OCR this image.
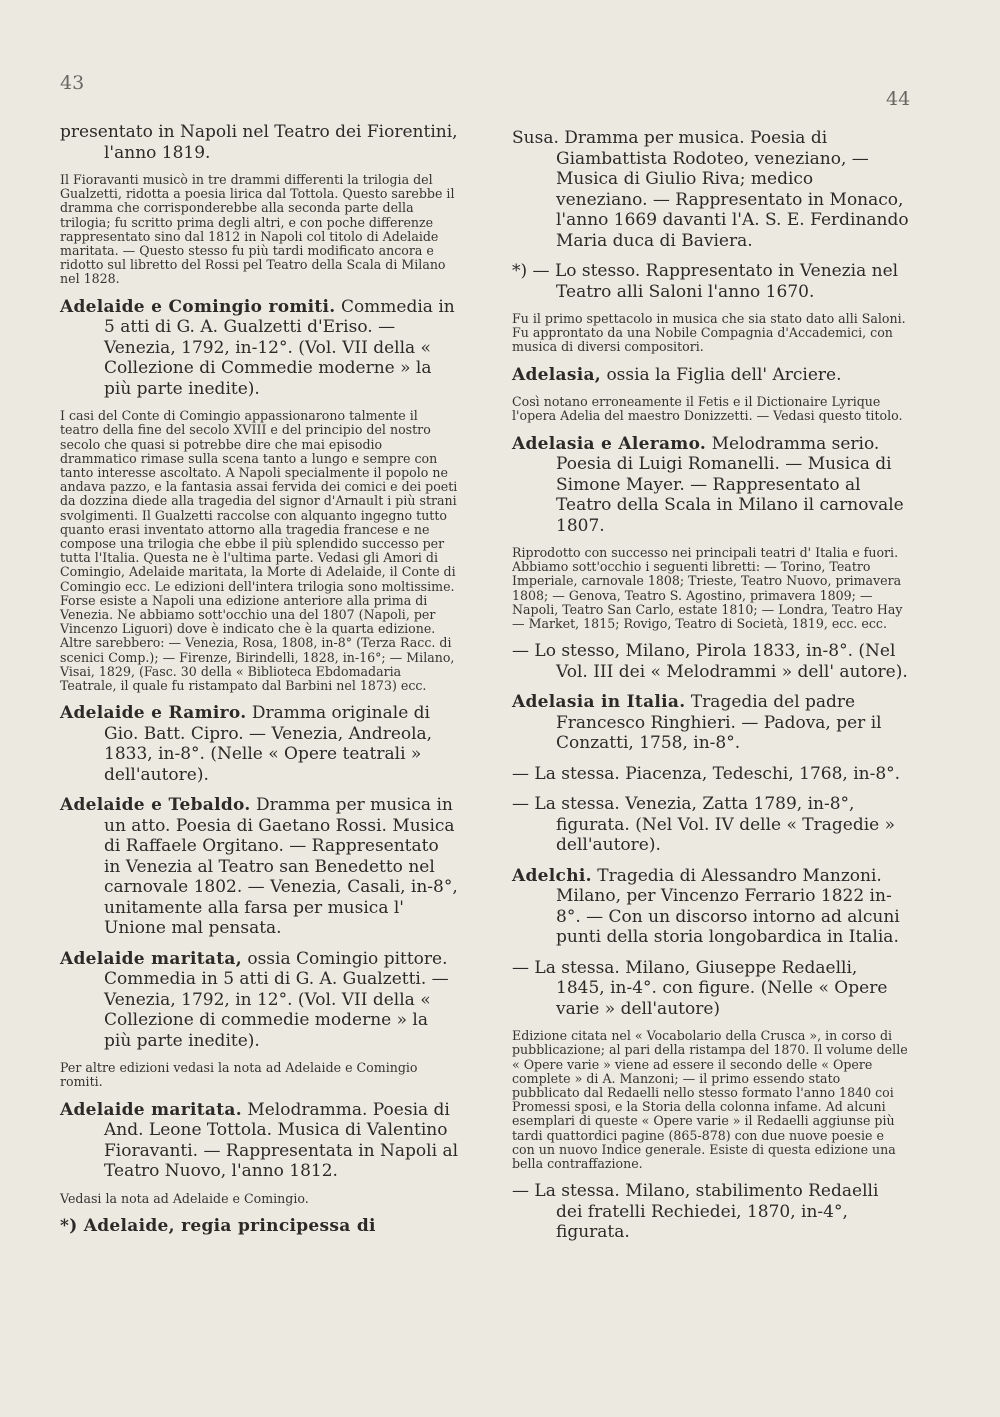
43
44

presentato in Napoli nel Teatro dei Fiorentini, l'anno 1819.

Il Fioravanti musicò in tre drammi differenti la trilogia del Gualzetti, ridotta a poesia lirica dal Tottola. Questo sarebbe il dramma che corrisponderebbe alla seconda parte della trilogia; fu scritto prima degli altri, e con poche differenze rappresentato sino dal 1812 in Napoli col titolo di Adelaide maritata. — Questo stesso fu più tardi modificato ancora e ridotto sul libretto del Rossi pel Teatro della Scala di Milano nel 1828.

Adelaide e Comingio romiti. Commedia in 5 atti di G. A. Gualzetti d'Eriso. — Venezia, 1792, in-12°. (Vol. VII della « Collezione di Commedie moderne » la più parte inedite).

I casi del Conte di Comingio appassionarono talmente il teatro della fine del secolo XVIII e del principio del nostro secolo che quasi si potrebbe dire che mai episodio drammatico rimase sulla scena tanto a lungo e sempre con tanto interesse ascoltato. A Napoli specialmente il popolo ne andava pazzo, e la fantasia assai fervida dei comici e dei poeti da dozzina diede alla tragedia del signor d'Arnault i più strani svolgimenti. Il Gualzetti raccolse con alquanto ingegno tutto quanto erasi inventato attorno alla tragedia francese e ne compose una trilogia che ebbe il più splendido successo per tutta l'Italia. Questa ne è l'ultima parte. Vedasi gli Amori di Comingio, Adelaide maritata, la Morte di Adelaide, il Conte di Comingio ecc. Le edizioni dell'intera trilogia sono moltissime. Forse esiste a Napoli una edizione anteriore alla prima di Venezia. Ne abbiamo sott'occhio una del 1807 (Napoli, per Vincenzo Liguori) dove è indicato che è la quarta edizione. Altre sarebbero: — Venezia, Rosa, 1808, in-8° (Terza Racc. di scenici Comp.); — Firenze, Birindelli, 1828, in-16°; — Milano, Visai, 1829, (Fasc. 30 della « Biblioteca Ebdomadaria Teatrale, il quale fu ristampato dal Barbini nel 1873) ecc.

Adelaide e Ramiro. Dramma originale di Gio. Batt. Cipro. — Venezia, Andreola, 1833, in-8°. (Nelle « Opere teatrali » dell'autore).

Adelaide e Tebaldo. Dramma per musica in un atto. Poesia di Gaetano Rossi. Musica di Raffaele Orgitano. — Rappresentato in Venezia al Teatro san Benedetto nel carnovale 1802. — Venezia, Casali, in-8°, unitamente alla farsa per musica l' Unione mal pensata.

Adelaide maritata, ossia Comingio pittore. Commedia in 5 atti di G. A. Gualzetti. — Venezia, 1792, in 12°. (Vol. VII della « Collezione di commedie moderne » la più parte inedite).

Per altre edizioni vedasi la nota ad Adelaide e Comingio romiti.

Adelaide maritata. Melodramma. Poesia di And. Leone Tottola. Musica di Valentino Fioravanti. — Rappresentata in Napoli al Teatro Nuovo, l'anno 1812.

Vedasi la nota ad Adelaide e Comingio.

*) Adelaide, regia principessa di

Susa. Dramma per musica. Poesia di Giambattista Rodoteo, veneziano, — Musica di Giulio Riva; medico veneziano. — Rappresentato in Monaco, l'anno 1669 davanti l'A. S. E. Ferdinando Maria duca di Baviera.

*) — Lo stesso. Rappresentato in Venezia nel Teatro alli Saloni l'anno 1670.

Fu il primo spettacolo in musica che sia stato dato alli Saloni. Fu approntato da una Nobile Compagnia d'Accademici, con musica di diversi compositori.

Adelasia, ossia la Figlia dell' Arciere.

Così notano erroneamente il Fetis e il Dictionaire Lyrique l'opera Adelia del maestro Donizzetti. — Vedasi questo titolo.

Adelasia e Aleramo. Melodramma serio. Poesia di Luigi Romanelli. — Musica di Simone Mayer. — Rappresentato al Teatro della Scala in Milano il carnovale 1807.

Riprodotto con successo nei principali teatri d' Italia e fuori. Abbiamo sott'occhio i seguenti libretti: — Torino, Teatro Imperiale, carnovale 1808; Trieste, Teatro Nuovo, primavera 1808; — Genova, Teatro S. Agostino, primavera 1809; — Napoli, Teatro San Carlo, estate 1810; — Londra, Teatro Hay — Market, 1815; Rovigo, Teatro di Società, 1819, ecc. ecc.

— Lo stesso, Milano, Pirola 1833, in-8°. (Nel Vol. III dei « Melodrammi » dell' autore).

Adelasia in Italia. Tragedia del padre Francesco Ringhieri. — Padova, per il Conzatti, 1758, in-8°.

— La stessa. Piacenza, Tedeschi, 1768, in-8°.

— La stessa. Venezia, Zatta 1789, in-8°, figurata. (Nel Vol. IV delle « Tragedie » dell'autore).

Adelchi. Tragedia di Alessandro Manzoni. Milano, per Vincenzo Ferrario 1822 in-8°. — Con un discorso intorno ad alcuni punti della storia longobardica in Italia.

— La stessa. Milano, Giuseppe Redaelli, 1845, in-4°. con figure. (Nelle « Opere varie » dell'autore)

Edizione citata nel « Vocabolario della Crusca », in corso di pubblicazione; al pari della ristampa del 1870. Il volume delle « Opere varie » viene ad essere il secondo delle « Opere complete » di A. Manzoni; — il primo essendo stato pubblicato dal Redaelli nello stesso formato l'anno 1840 coi Promessi sposi, e la Storia della colonna infame. Ad alcuni esemplari di queste « Opere varie » il Redaelli aggiunse più tardi quattordici pagine (865-878) con due nuove poesie e con un nuovo Indice generale. Esiste di questa edizione una bella contraffazione.

— La stessa. Milano, stabilimento Redaelli dei fratelli Rechiedei, 1870, in-4°, figurata.
